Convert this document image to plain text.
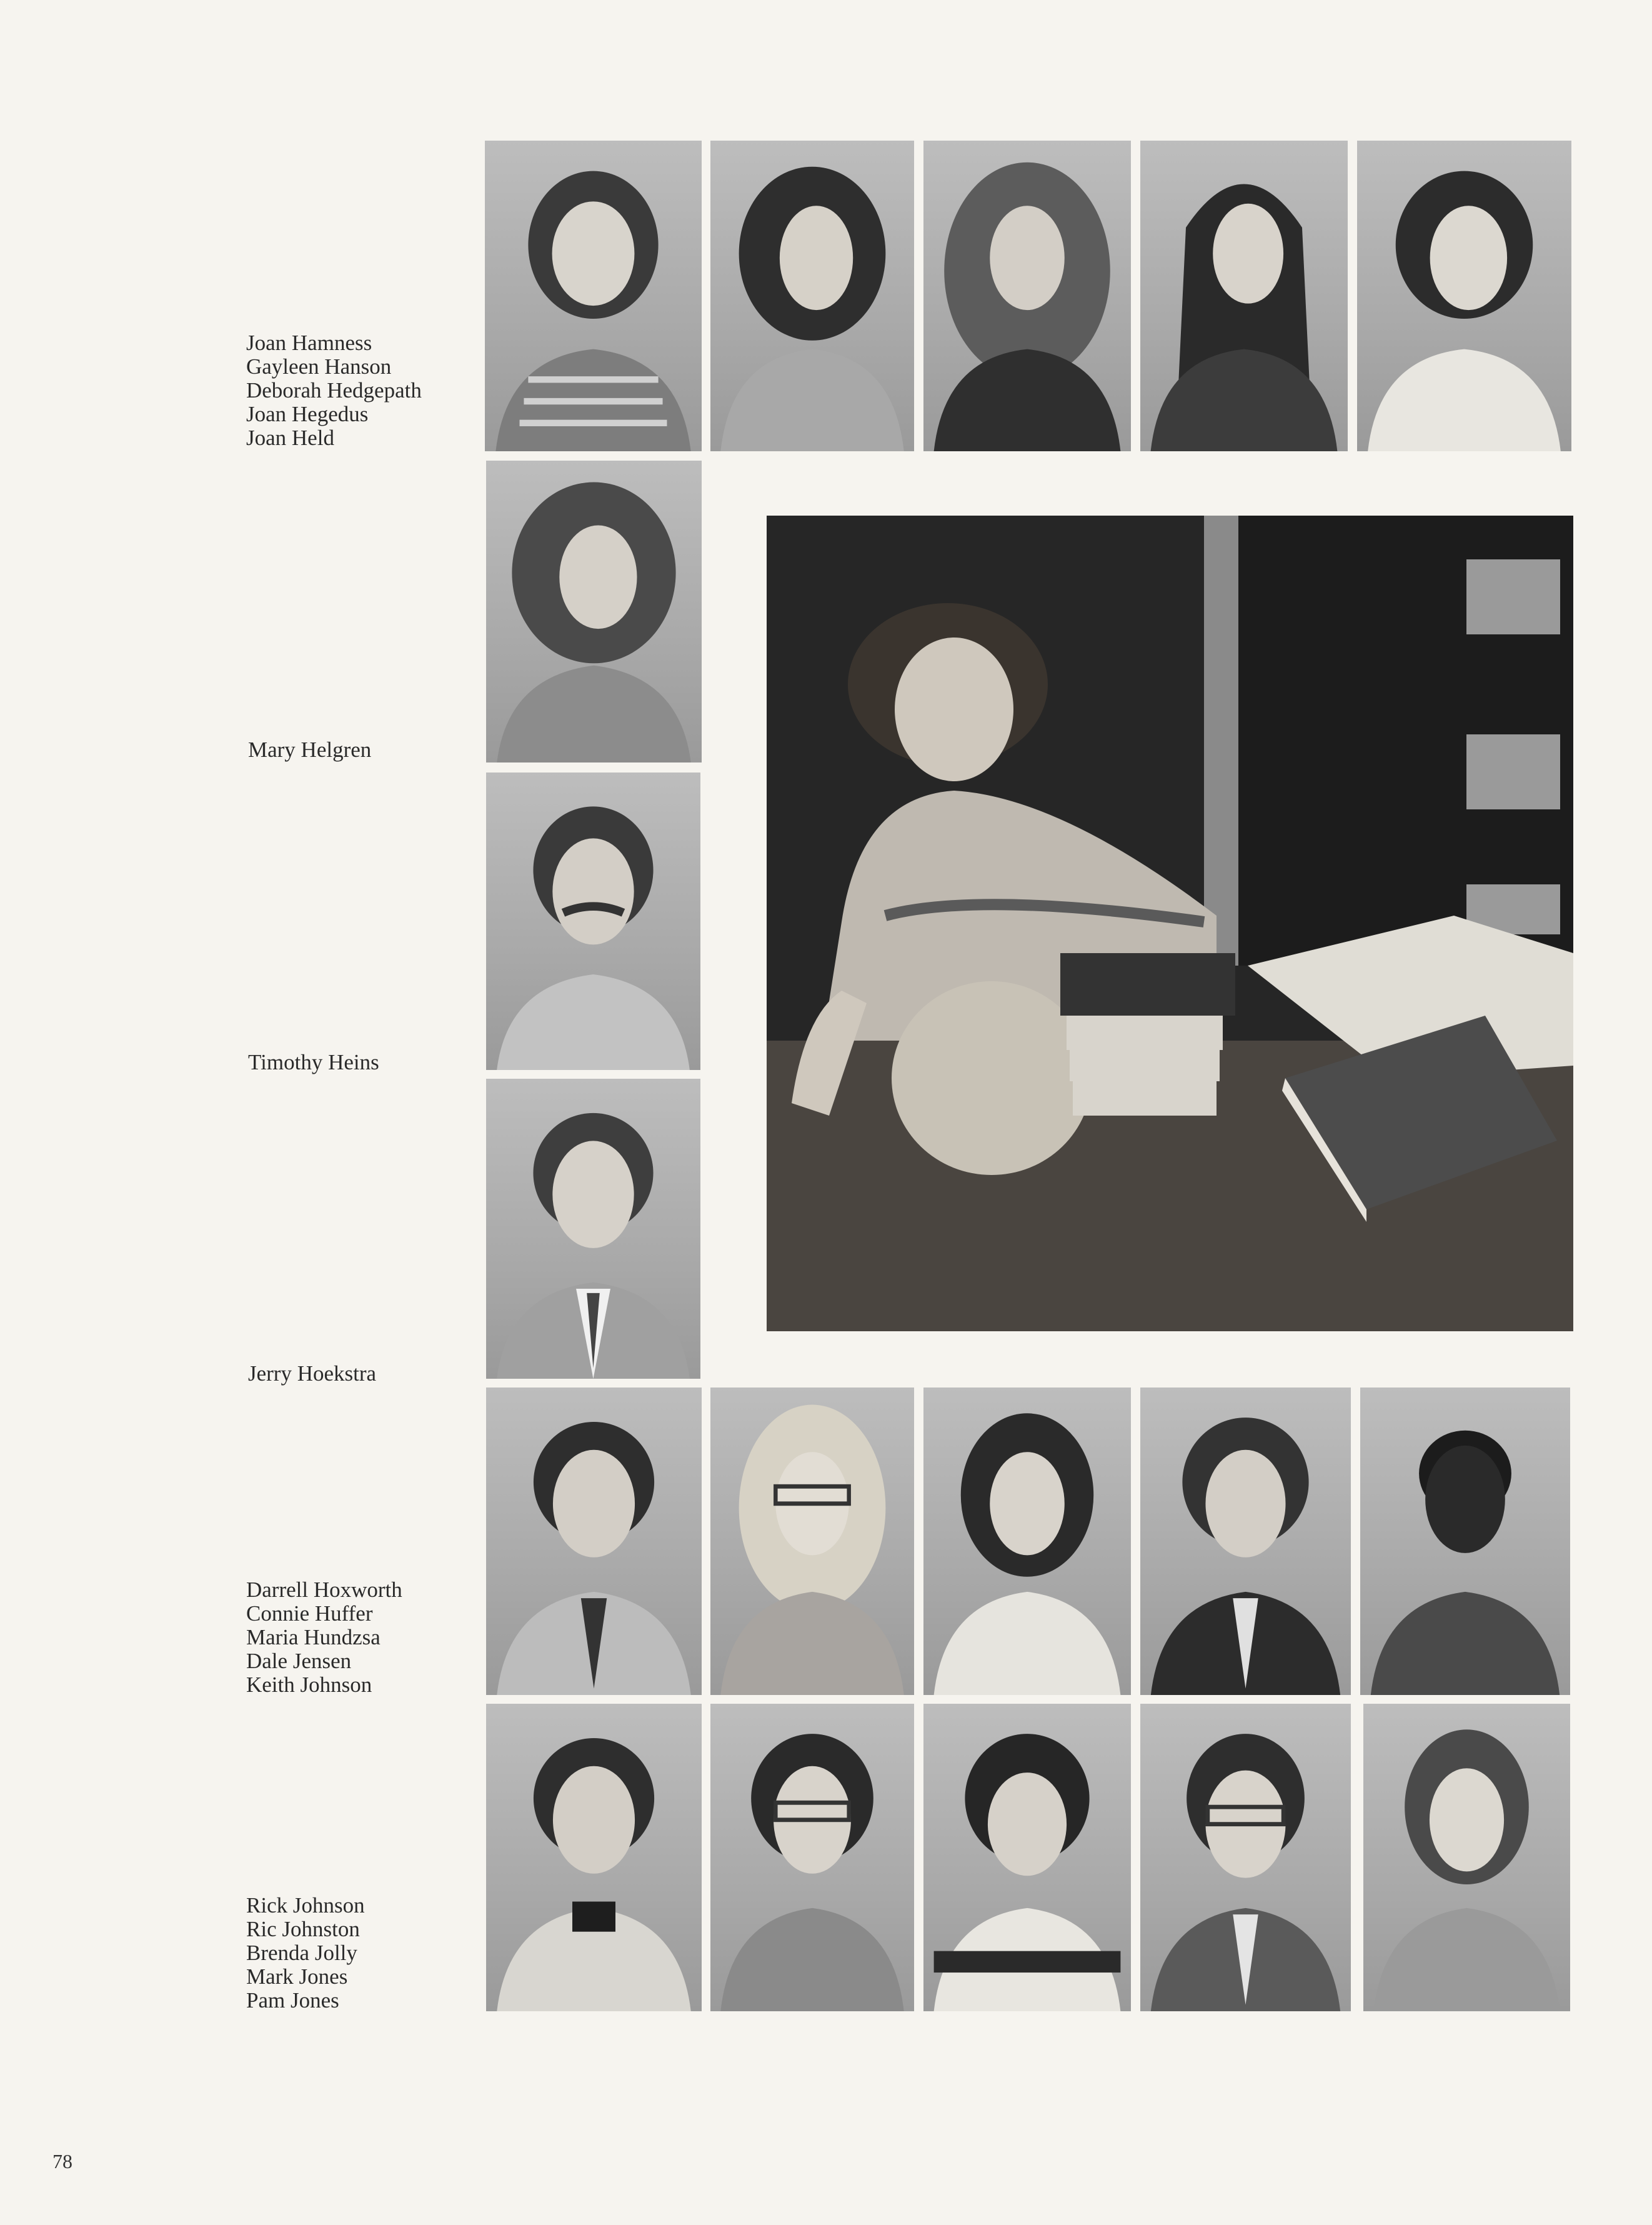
Joan Hamness
Gayleen Hanson
Deborah Hedgepath
Joan Hegedus
Joan Held
Mary Helgren
Timothy Heins
Jerry Hoekstra
Darrell Hoxworth
Connie Huffer
Maria Hundzsa
Dale Jensen
Keith Johnson
Rick Johnson
Ric Johnston
Brenda Jolly
Mark Jones
Pam Jones
78
